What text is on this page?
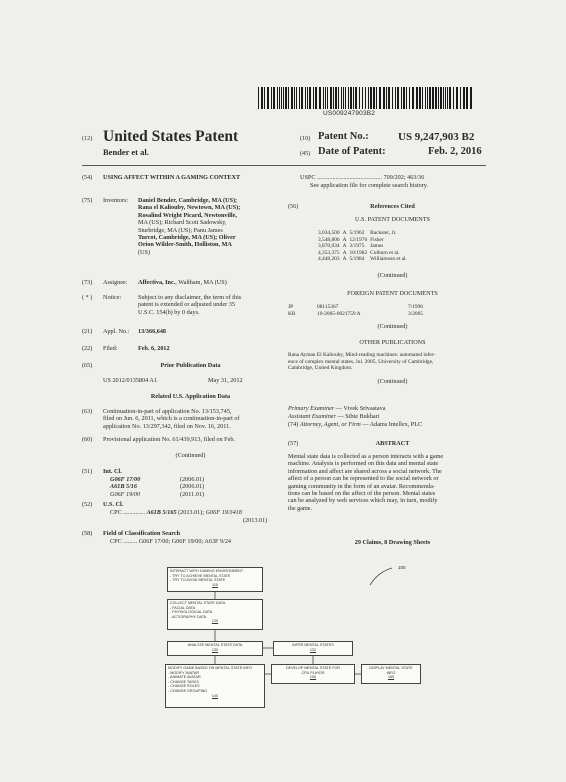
US009247903B2
(12) United States Patent
Bender et al.
(10) Patent No.:	US 9,247,903 B2
(45) Date of Patent:	Feb. 2, 2016
(54) USING AFFECT WITHIN A GAMING CONTEXT
(75) Inventors: Daniel Bender, Cambridge, MA (US);
Rana el Kaliouby, Newtown, MA (US);
Rosalind Wright Picard, Newtonville,
MA (US); Richard Scott Sadowsky,
Sturbridge, MA (US); Panu James
Turcot, Cambridge, MA (US); Oliver
Orion Wilder-Smith, Holliston, MA
(US)
(73) Assignee: Affectiva, Inc., Waltham, MA (US)
( * ) Notice:	Subject to any disclaimer, the term of this
patent is extended or adjusted under 35
U.S.C. 154(b) by 0 days.
(21) Appl. No.: 13/366,648
(22) Filed:	Feb. 6, 2012
(65)	Prior Publication Data
US 2012/0135804 A1	May 31, 2012
Related U.S. Application Data
(63) Continuation-in-part of application No. 13/153,745,
filed on Jun. 6, 2011, which is a continuation-in-part of
application No. 13/297,342, filed on Nov. 16, 2011.
(60) Provisional application No. 61/439,913, filed on Feb.
(Continued)
(51) Int. Cl.
G06F 17/00	(2006.01)
A61B 5/16	(2006.01)
G06F 19/00	(2011.01)
(52) U.S. Cl.
CPC .............. A61B 5/165 (2013.01); G06F 19/3418
(2013.01)
(58) Field of Classification Search
CPC ......... G06F 17/00; G06F 19/00; A63F 9/24
USPC .......................................... 709/202; 463/36
See application file for complete search history.
(56)	References Cited
U.S. PATENT DOCUMENTS
3,034,500	A	5/1962	Backster, Jr.
3,548,806	A	12/1970	Fisher
3,870,034	A	3/1975	James
4,353,375	A	10/1982	Colburn et al.
4,448,203	A	5/1984	Williamson et al.
(Continued)
FOREIGN PATENT DOCUMENTS
JP	08115367	7/1996
KR	10-2005-0021759 A	3/2005
(Continued)
OTHER PUBLICATIONS
Rana Ayman El Kaliouby, Mind-reading machines: automated infer-
ence of complex mental states, Jul. 2005, University of Cambridge,
Cambridge, United Kingdom.
(Continued)
Primary Examiner — Vivek Srivastava
Assistant Examiner — Sibte Bukhari
(74) Attorney, Agent, or Firm — Adams Intellex, PLC
(57)	ABSTRACT
Mental state data is collected as a person interacts with a game
machine. Analysis is performed on this data and mental state
information and affect are shared across a social network. The
affect of a person can be represented to the social network or
gaming community in the form of an avatar. Recommenda-
tions can be based on the affect of the person. Mental states
can be analyzed by web services which may, in turn, modify
the game.
29 Claims, 8 Drawing Sheets
100
INTERACT WITH GAMING ENVIRONMENT
- TRY TO ACHIEVE MENTAL STATE
- TRY TO AVOID MENTAL STATE
110
COLLECT MENTAL STATE DATA
- FACIAL DATA
- PHYSIOLOGICAL DATA
- ACTIGRAPHY DATA
120
ANALYZE MENTAL STATE DATA
130
INFER MENTAL STATES
132
MODIFY GAME BASED ON MENTAL STATE INFO
- MODIFY AVATAR
- ANIMATE AVATAR
- CHANGE TASKS
- CHANGE ROLES
- CHANGE GROUPING
140
DEVELOP MENTAL STATE FOR
CPU PLAYER
150
DISPLAY MENTAL STATE
INFO
160
